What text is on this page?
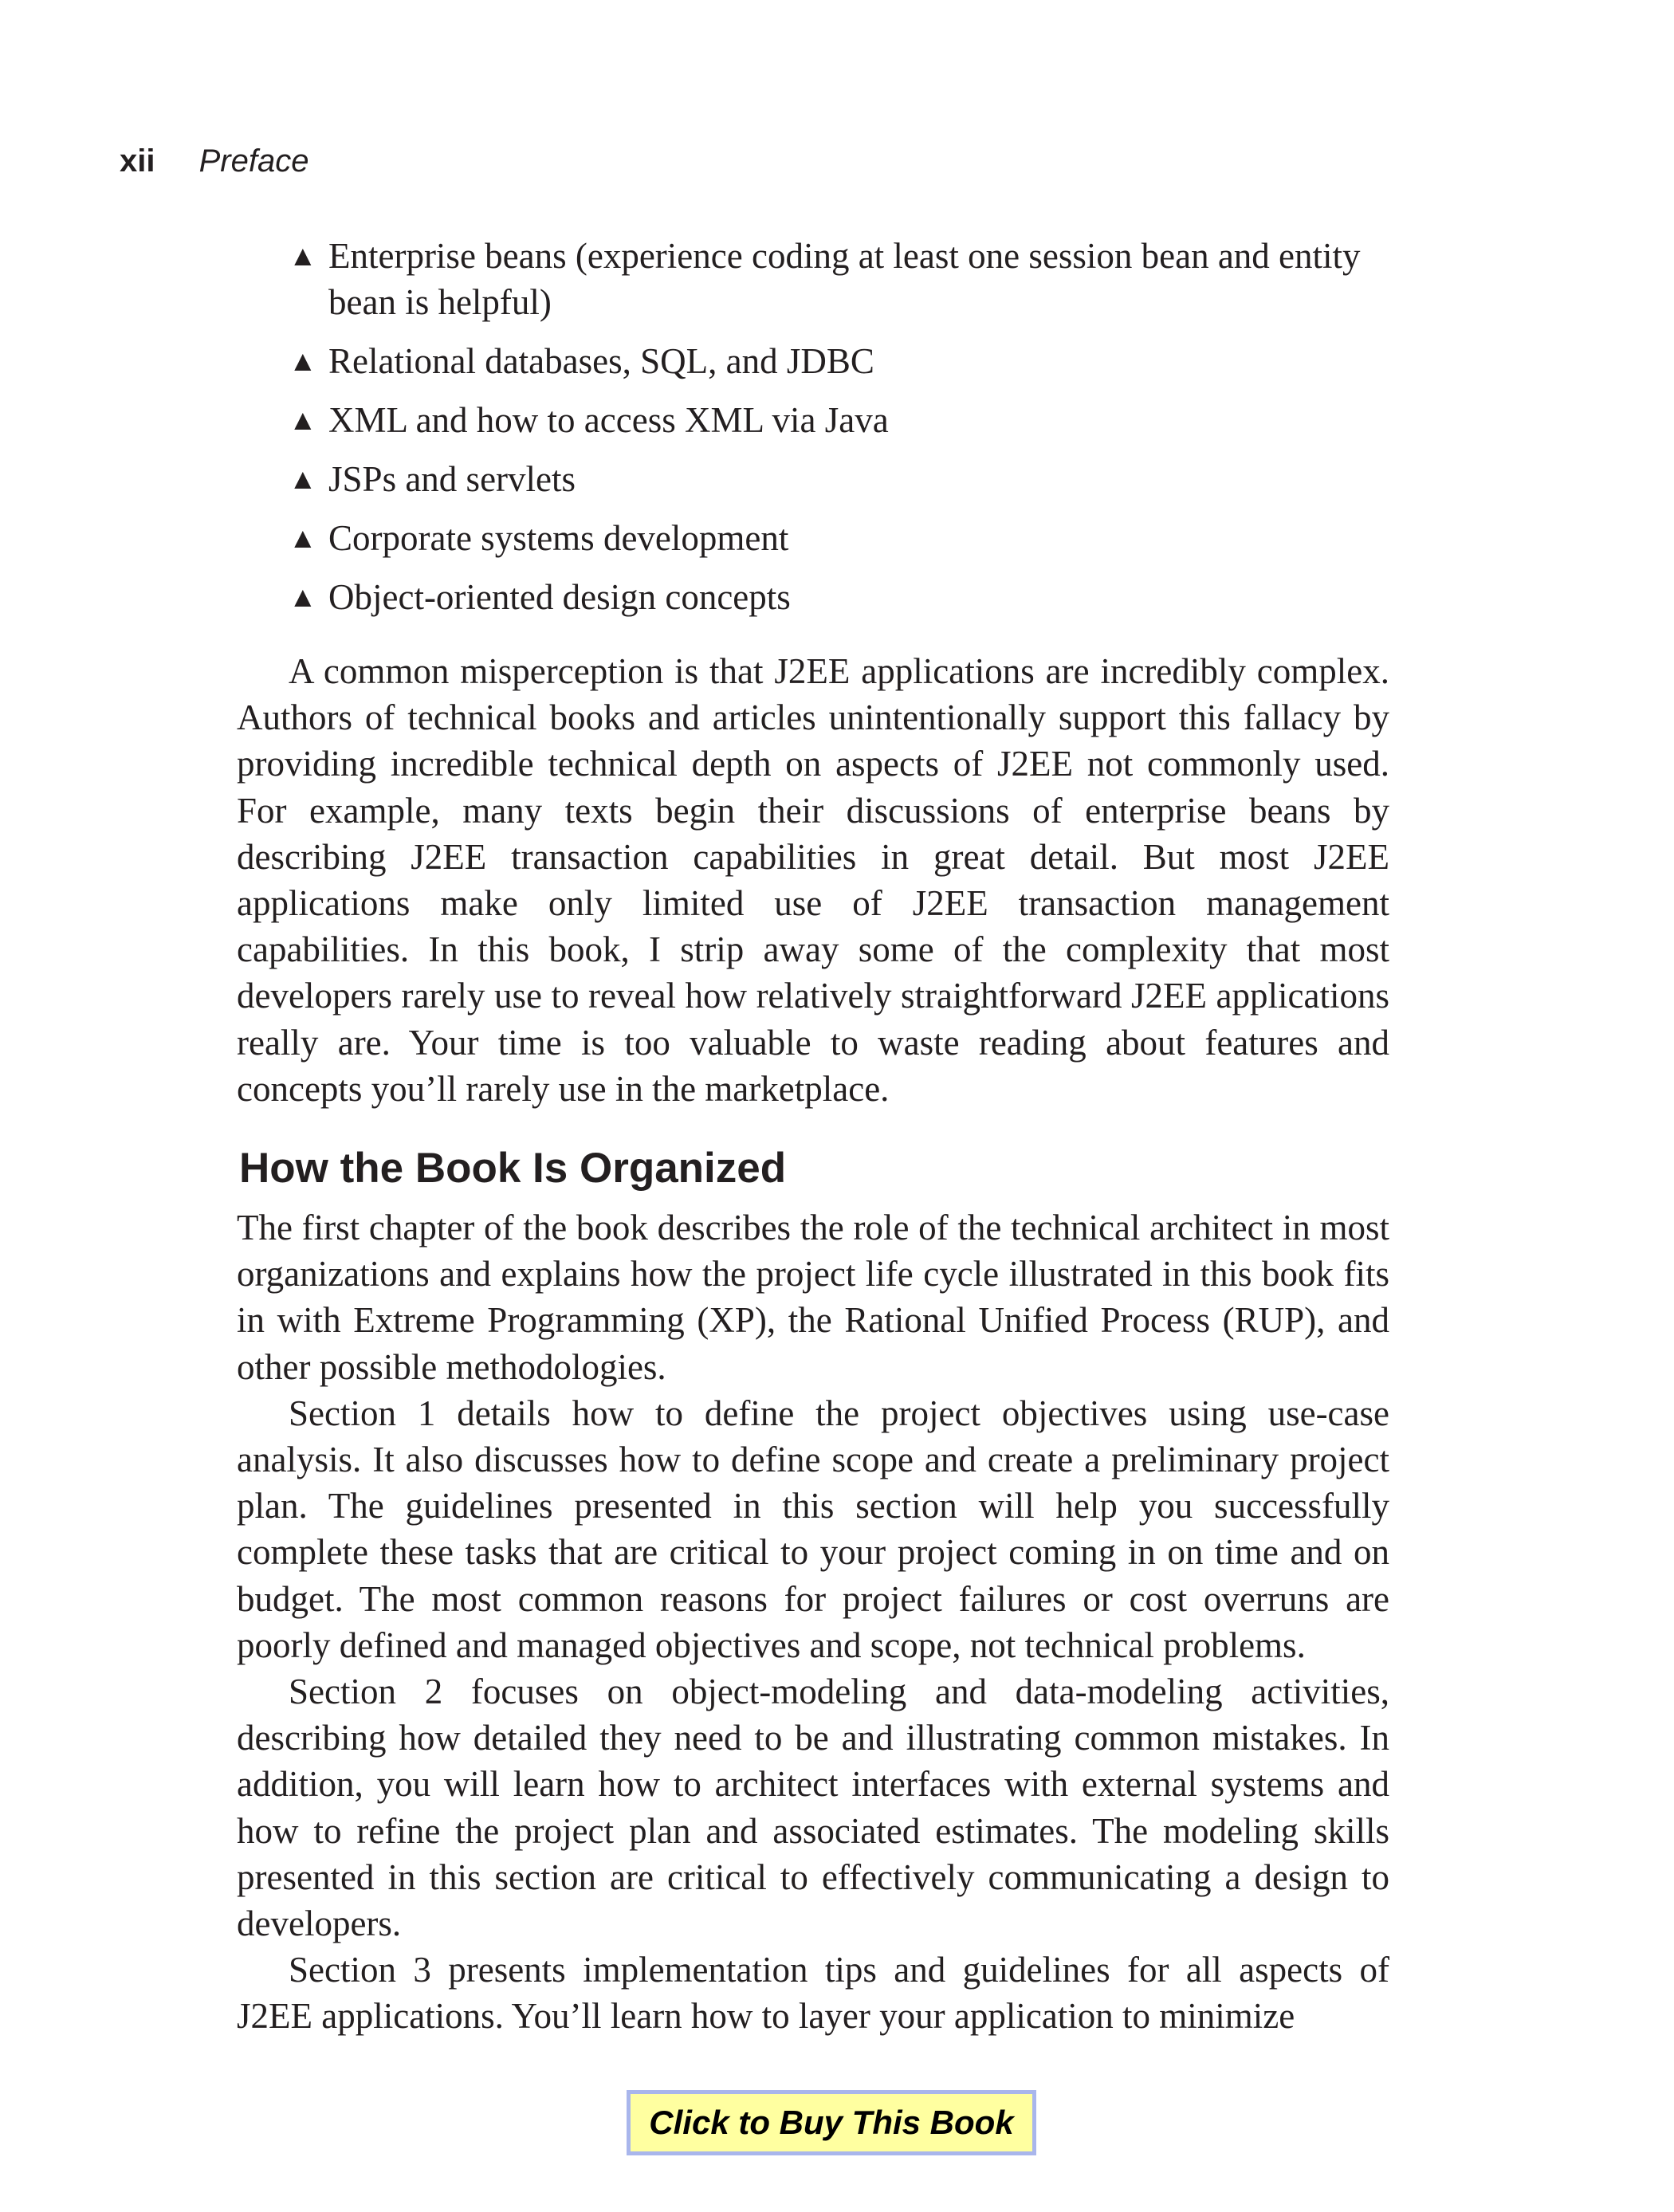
xii Preface
▲ Enterprise beans (experience coding at least one session bean and entity bean is helpful)
▲ Relational databases, SQL, and JDBC
▲ XML and how to access XML via Java
▲ JSPs and servlets
▲ Corporate systems development
▲ Object-oriented design concepts

A common misperception is that J2EE applications are incredibly complex. Authors of technical books and articles unintentionally support this fallacy by providing incredible technical depth on aspects of J2EE not commonly used. For example, many texts begin their discussions of enterprise beans by describing J2EE transaction capabilities in great detail. But most J2EE applications make only limited use of J2EE transaction management capabilities. In this book, I strip away some of the complexity that most developers rarely use to reveal how relatively straightforward J2EE applications really are. Your time is too valuable to waste reading about features and concepts you’ll rarely use in the marketplace.

How the Book Is Organized

The first chapter of the book describes the role of the technical architect in most organizations and explains how the project life cycle illustrated in this book fits in with Extreme Programming (XP), the Rational Unified Process (RUP), and other possible methodologies.

Section 1 details how to define the project objectives using use-case analysis. It also discusses how to define scope and create a preliminary project plan. The guidelines presented in this section will help you successfully complete these tasks that are critical to your project coming in on time and on budget. The most common reasons for project failures or cost overruns are poorly defined and managed objectives and scope, not technical problems.

Section 2 focuses on object-modeling and data-modeling activities, describing how detailed they need to be and illustrating common mistakes. In addition, you will learn how to architect interfaces with external systems and how to refine the project plan and associated estimates. The modeling skills presented in this section are critical to effectively communicating a design to developers.

Section 3 presents implementation tips and guidelines for all aspects of J2EE applications. You’ll learn how to layer your application to minimize

Click to Buy This Book
